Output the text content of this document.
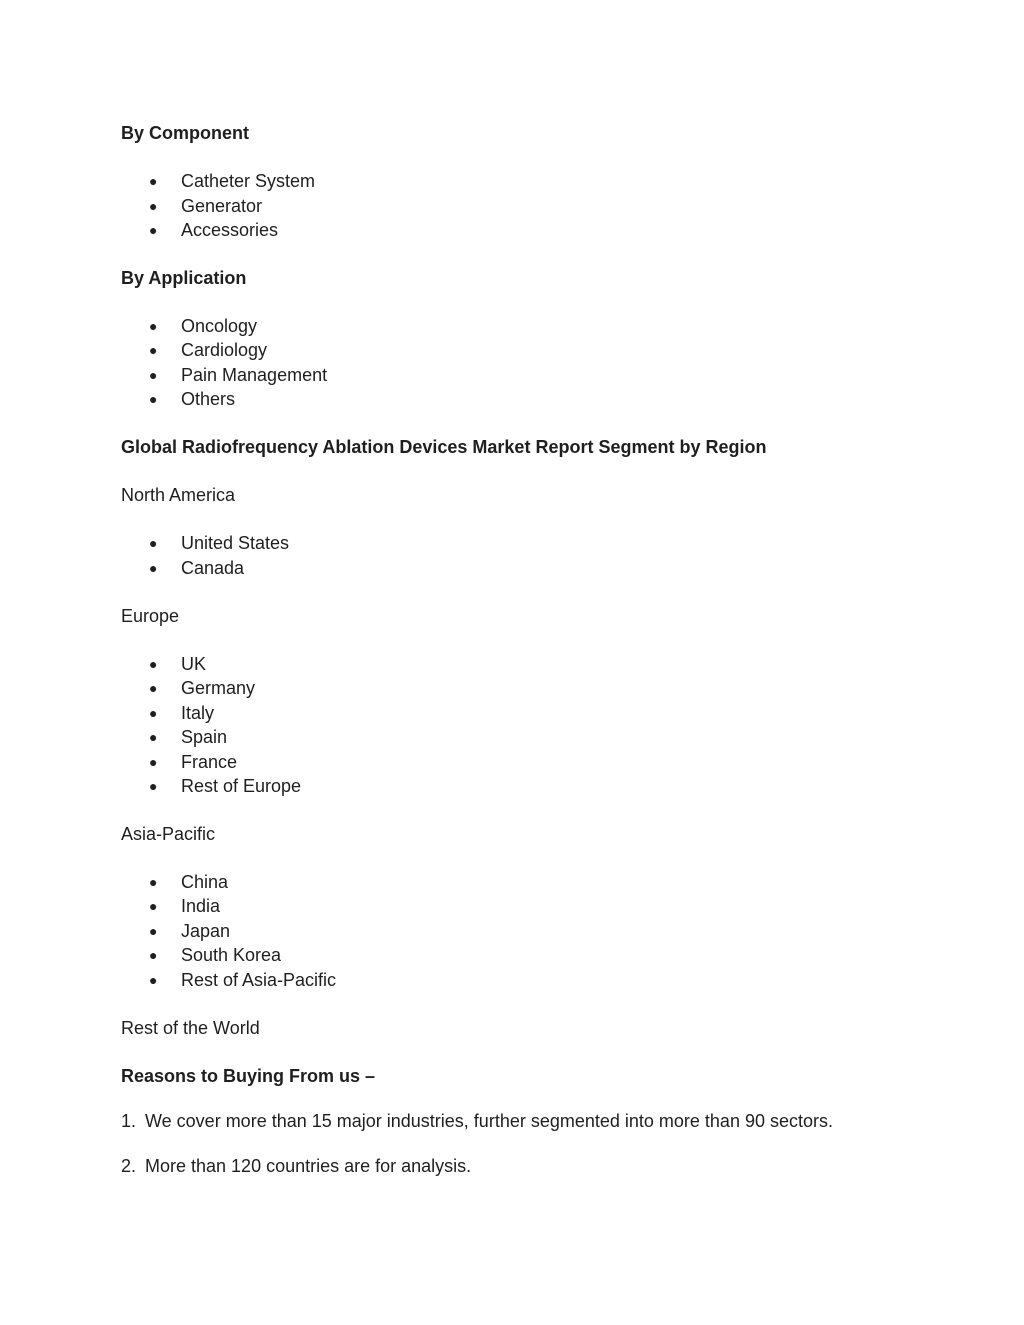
By Component
● Catheter System
● Generator
● Accessories
By Application
● Oncology
● Cardiology
● Pain Management
● Others
Global Radiofrequency Ablation Devices Market Report Segment by Region
North America
● United States
● Canada
Europe
● UK
● Germany
● Italy
● Spain
● France
● Rest of Europe
Asia-Pacific
● China
● India
● Japan
● South Korea
● Rest of Asia-Pacific
Rest of the World
Reasons to Buying From us –
1. We cover more than 15 major industries, further segmented into more than 90 sectors.
2. More than 120 countries are for analysis.
